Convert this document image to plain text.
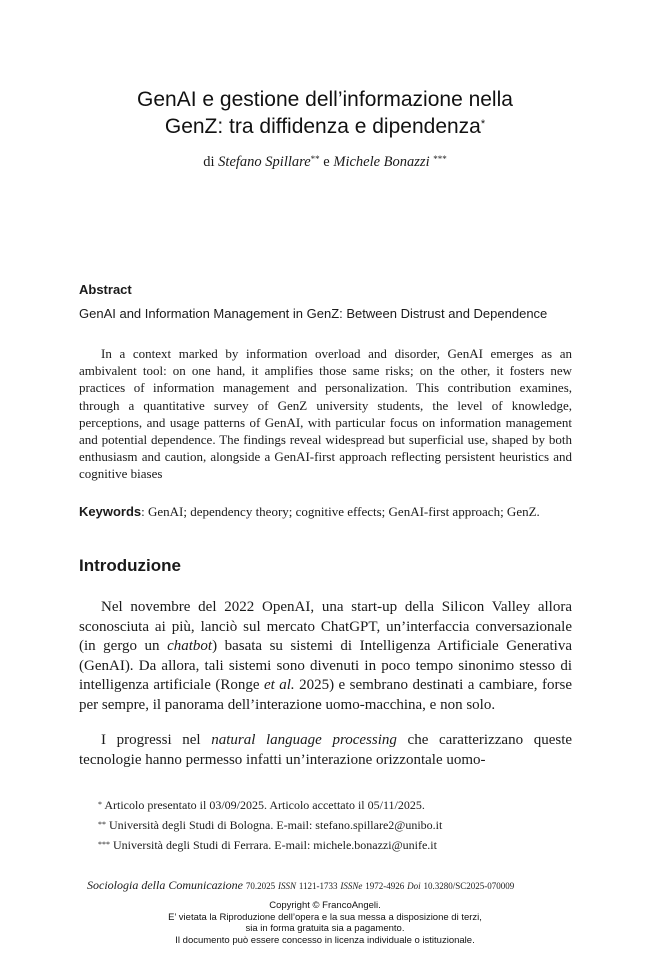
GenAI e gestione dell’informazione nella
GenZ: tra diffidenza e dipendenza*
di Stefano Spillare** e Michele Bonazzi ***
Abstract
GenAI and Information Management in GenZ: Between Distrust and Dependence
In a context marked by information overload and disorder, GenAI emerges as an ambivalent tool: on one hand, it amplifies those same risks; on the other, it fosters new practices of information management and personalization. This contribution examines, through a quantitative survey of GenZ university students, the level of knowledge, perceptions, and usage patterns of GenAI, with particular focus on information management and potential dependence. The findings reveal widespread but superficial use, shaped by both enthusiasm and caution, alongside a GenAI-first approach reflecting persistent heuristics and cognitive biases
Keywords: GenAI; dependency theory; cognitive effects; GenAI-first approach; GenZ.
Introduzione

Nel novembre del 2022 OpenAI, una start-up della Silicon Valley allora sconosciuta ai più, lanciò sul mercato ChatGPT, un’interfaccia conversazionale (in gergo un chatbot) basata su sistemi di Intelligenza Artificiale Generativa (GenAI). Da allora, tali sistemi sono divenuti in poco tempo sinonimo stesso di intelligenza artificiale (Ronge et al. 2025) e sembrano destinati a cambiare, forse per sempre, il panorama dell’interazione uomo-macchina, e non solo.

I progressi nel natural language processing che caratterizzano queste tecnologie hanno permesso infatti un’interazione orizzontale uomo-

* Articolo presentato il 03/09/2025. Articolo accettato il 05/11/2025.
** Università degli Studi di Bologna. E-mail: stefano.spillare2@unibo.it
*** Università degli Studi di Ferrara. E-mail: michele.bonazzi@unife.it
Sociologia della Comunicazione 70.2025 ISSN 1121-1733 ISSNe 1972-4926 Doi 10.3280/SC2025-070009
Copyright © FrancoAngeli.
E’ vietata la Riproduzione dell’opera e la sua messa a disposizione di terzi,
sia in forma gratuita sia a pagamento.
Il documento può essere concesso in licenza individuale o istituzionale.
